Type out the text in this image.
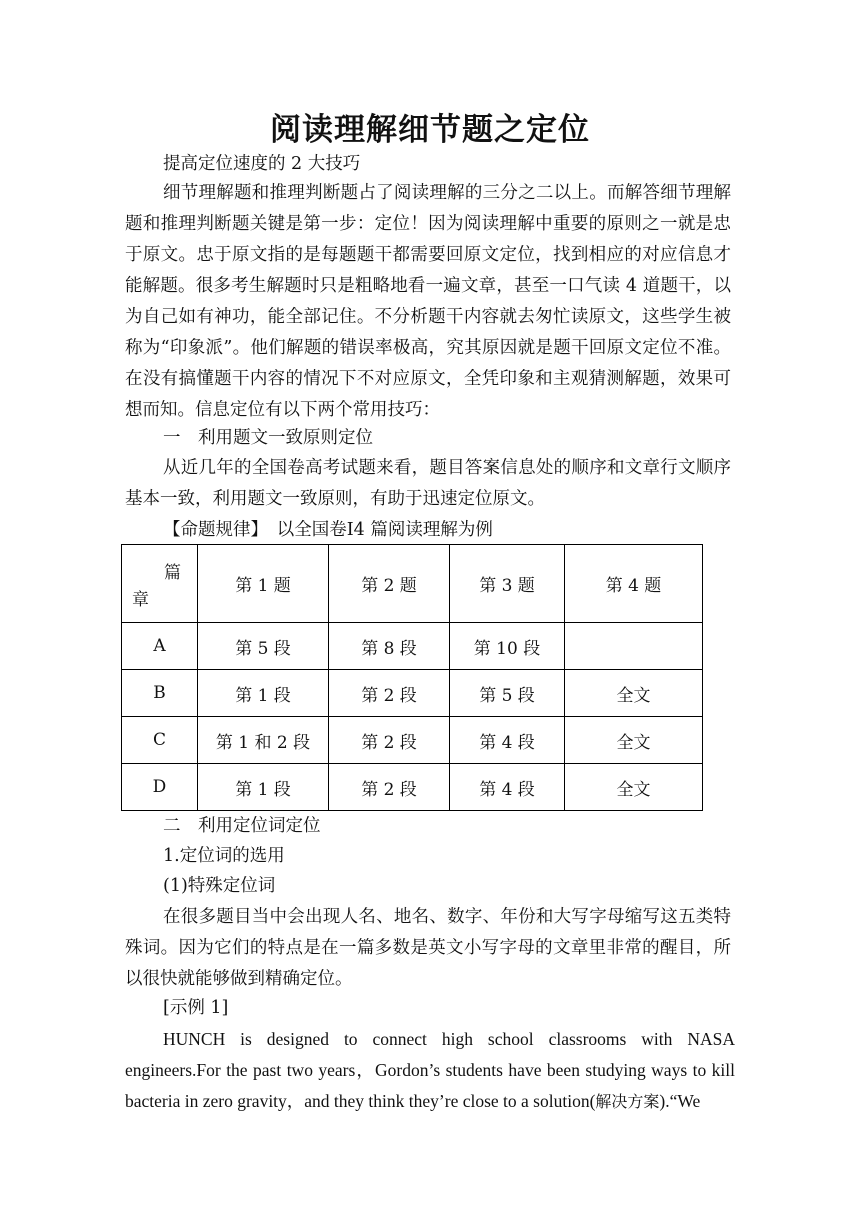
阅读理解细节题之定位
提高定位速度的 2 大技巧

细节理解题和推理判断题占了阅读理解的三分之二以上。而解答细节理解题和推理判断题关键是第一步：定位！因为阅读理解中重要的原则之一就是忠于原文。忠于原文指的是每题题干都需要回原文定位，找到相应的对应信息才能解题。很多考生解题时只是粗略地看一遍文章，甚至一口气读 4 道题干，以为自己如有神功，能全部记住。不分析题干内容就去匆忙读原文，这些学生被称为“印象派”。他们解题的错误率极高，究其原因就是题干回原文定位不准。在没有搞懂题干内容的情况下不对应原文，全凭印象和主观猜测解题，效果可想而知。信息定位有以下两个常用技巧：

一　利用题文一致原则定位

从近几年的全国卷高考试题来看，题目答案信息处的顺序和文章行文顺序基本一致，利用题文一致原则，有助于迅速定位原文。

【命题规律】　以全国卷Ⅰ4 篇阅读理解为例
篇
章	第 1 题	第 2 题	第 3 题	第 4 题
A	第 5 段	第 8 段	第 10 段	
B	第 1 段	第 2 段	第 5 段	全文
C	第 1 和 2 段	第 2 段	第 4 段	全文
D	第 1 段	第 2 段	第 4 段	全文
二　利用定位词定位
1.定位词的选用
(1)特殊定位词

在很多题目当中会出现人名、地名、数字、年份和大写字母缩写这五类特殊词。因为它们的特点是在一篇多数是英文小写字母的文章里非常的醒目，所以很快就能够做到精确定位。

[示例 1]
HUNCH is designed to connect high school classrooms with NASA engineers.For the past two years，Gordon’s students have been studying ways to kill bacteria in zero gravity，and they think they’re close to a solution(解决方案).“We
